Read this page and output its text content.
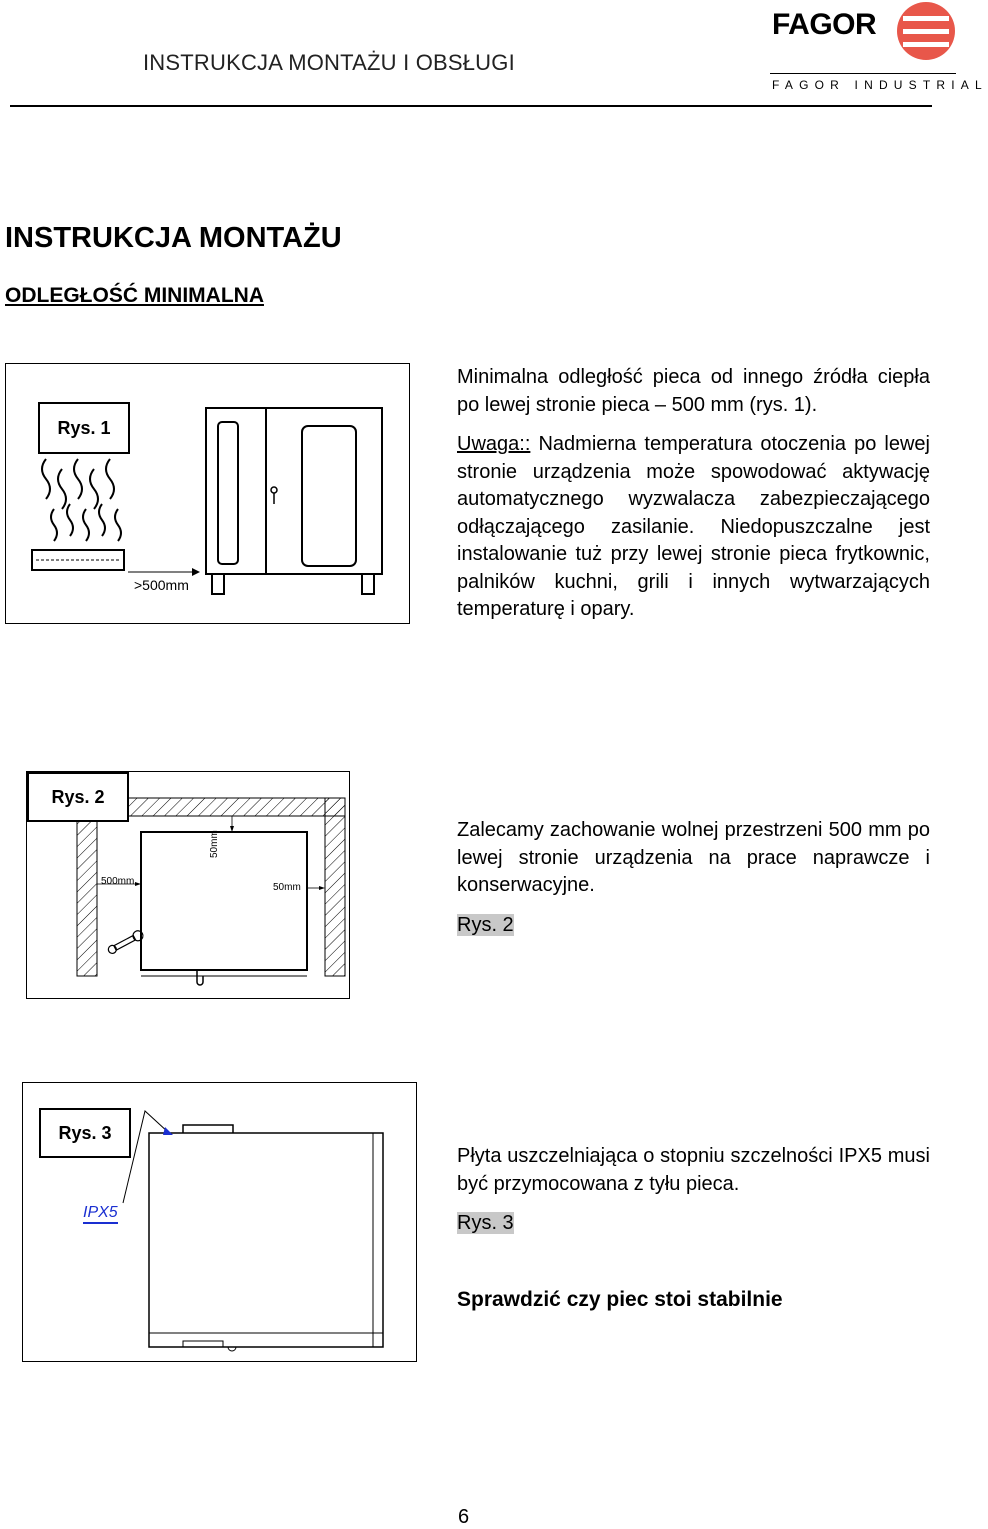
INSTRUKCJA MONTAŻU I OBSŁUGI
FAGOR
FAGOR INDUSTRIAL
INSTRUKCJA MONTAŻU
ODLEGŁOŚĆ MINIMALNA
Rys. 1
>500mm

Minimalna odległość pieca od innego źródła ciepła po lewej stronie pieca – 500 mm (rys. 1).

Uwaga:: Nadmierna temperatura otoczenia po lewej stronie urządzenia może spowodować aktywację automatycznego wyzwalacza zabezpieczającego odłączającego zasilanie. Niedopuszczalne jest instalowanie tuż przy lewej stronie pieca frytkownic, palników kuchni, grili i innych wytwarzających temperaturę i opary.

Rys. 2
500mm
50mm
50mm

Zalecamy zachowanie wolnej przestrzeni 500 mm po lewej stronie urządzenia na prace naprawcze i konserwacyjne.

Rys. 2

Rys. 3
IPX5

Płyta uszczelniająca o stopniu szczelności IPX5 musi być przymocowana z tyłu pieca.

Rys. 3

Sprawdzić czy piec stoi stabilnie
6
